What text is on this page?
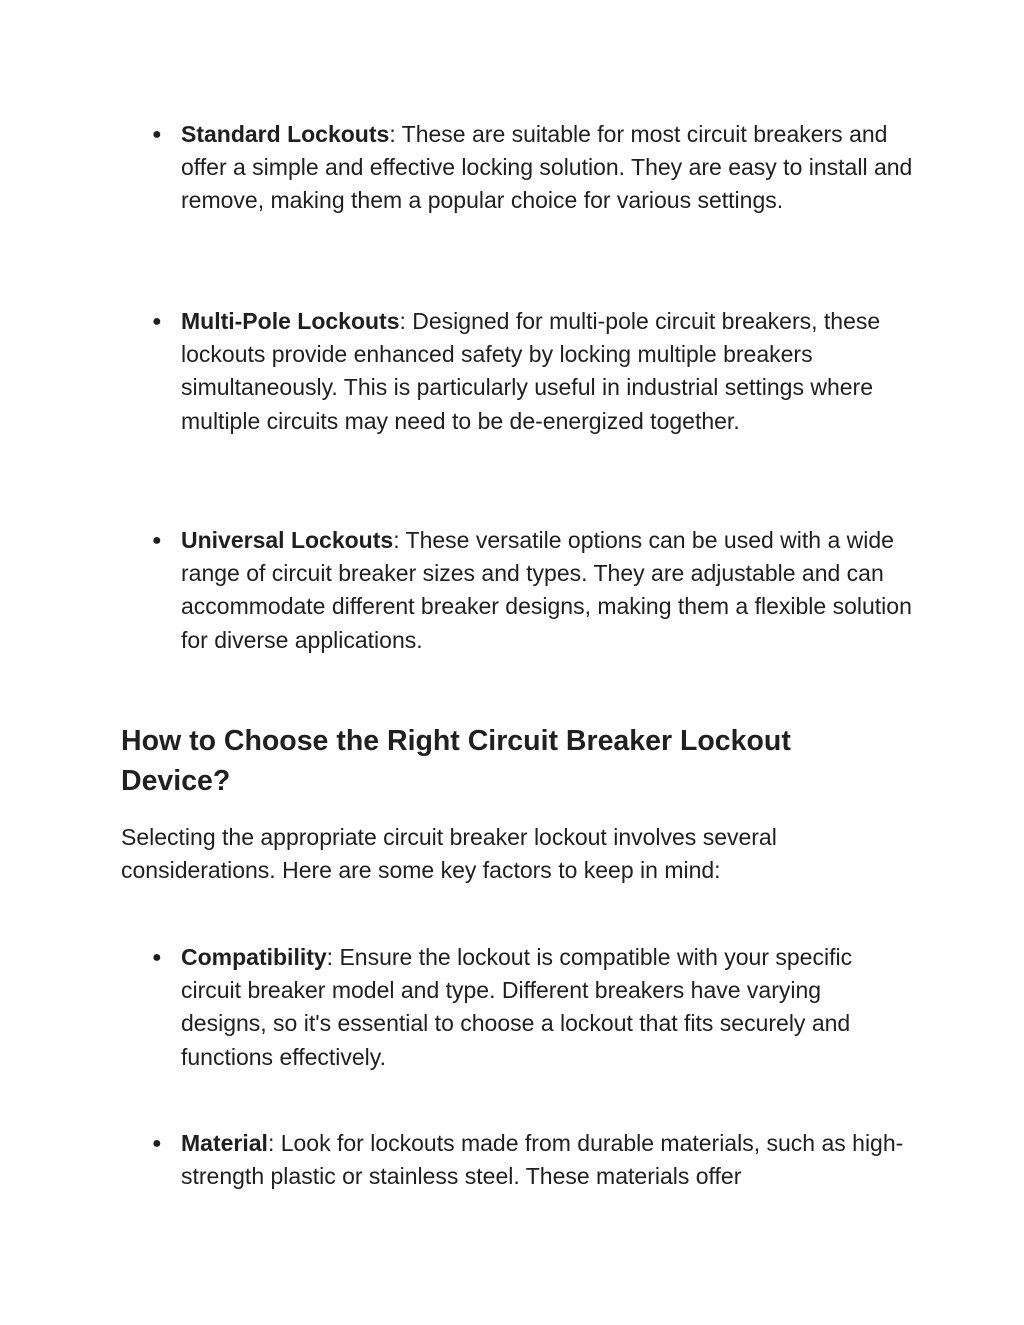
● Standard Lockouts: These are suitable for most circuit breakers and offer a simple and effective locking solution. They are easy to install and remove, making them a popular choice for various settings.
● Multi-Pole Lockouts: Designed for multi-pole circuit breakers, these lockouts provide enhanced safety by locking multiple breakers simultaneously. This is particularly useful in industrial settings where multiple circuits may need to be de-energized together.
● Universal Lockouts: These versatile options can be used with a wide range of circuit breaker sizes and types. They are adjustable and can accommodate different breaker designs, making them a flexible solution for diverse applications.
How to Choose the Right Circuit Breaker Lockout Device?

Selecting the appropriate circuit breaker lockout involves several considerations. Here are some key factors to keep in mind:

● Compatibility: Ensure the lockout is compatible with your specific circuit breaker model and type. Different breakers have varying designs, so it's essential to choose a lockout that fits securely and functions effectively.
● Material: Look for lockouts made from durable materials, such as high-strength plastic or stainless steel. These materials offer
